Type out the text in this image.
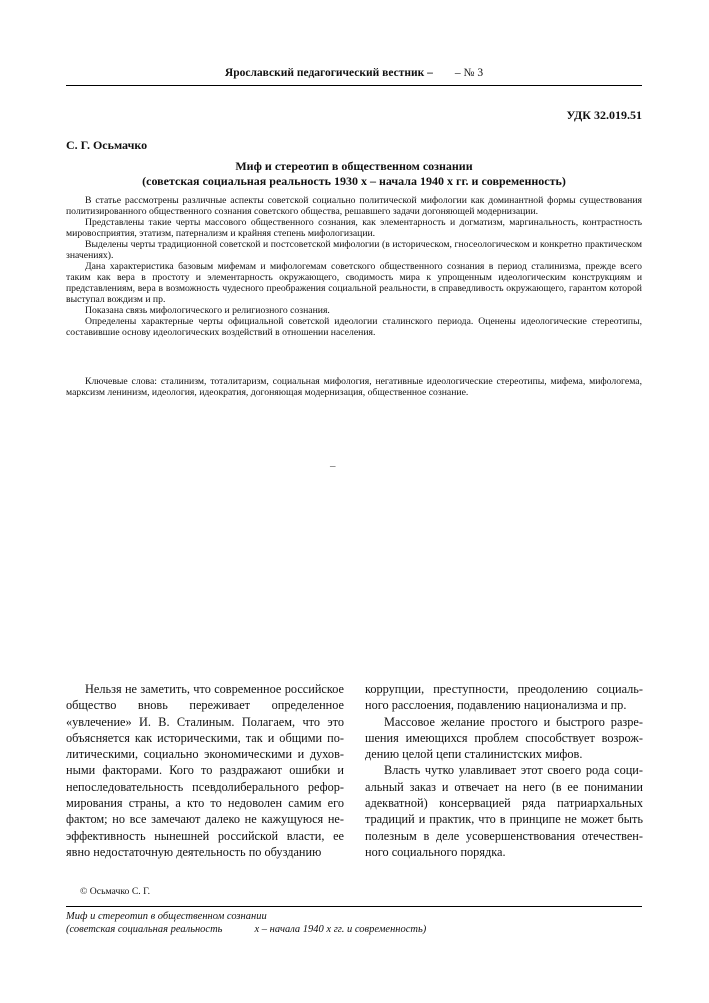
Ярославский педагогический вестник – – № 3
УДК 32.019.51
С. Г. Осьмачко
Миф и стереотип в общественном сознании
(советская социальная реальность 1930 х – начала 1940 х гг. и современность)

В статье рассмотрены различные аспекты советской социально политической мифологии как доминантной формы существования политизированного общественного сознания советского общества, решавшего задачи догоняющей модернизации.

Представлены такие черты массового общественного сознания, как элементарность и догматизм, маргинальность, контрастность мировосприятия, этатизм, патернализм и крайняя степень мифологизации.

Выделены черты традиционной советской и постсоветской мифологии (в историческом, гносеологическом и конкретно практическом значениях).

Дана характеристика базовым мифемам и мифологемам советского общественного сознания в период сталинизма, прежде всего таким как вера в простоту и элементарность окружающего, сводимость мира к упрощенным идеологическим конструкциям и представлениям, вера в возможность чудесного преображения социальной реальности, в справедливость окружающего, гарантом которой выступал вождизм и пр.

Показана связь мифологического и религиозного сознания.

Определены характерные черты официальной советской идеологии сталинского периода. Оценены идеологические стереотипы, составившие основу идеологических воздействий в отношении населения.

Ключевые слова: сталинизм, тоталитаризм, социальная мифология, негативные идеологические стереотипы, мифема, мифологема, марксизм ленинизм, идеология, идеократия, догоняющая модернизация, общественное сознание.

–

Нельзя не заметить, что современное российское общество вновь переживает определенное «увлечение» И. В. Сталиным. Полагаем, что это объясняется как историческими, так и общими политическими, социально экономическими и духовными факторами. Кого то раздражают ошибки и непоследовательность псевдолиберального реформирования страны, а кто то недоволен самим его фактом; но все замечают далеко не кажущуюся неэффективность нынешней российской власти, ее явно недостаточную деятельность по обузданию

коррупции, преступности, преодолению социального расслоения, подавлению национализма и пр.

Массовое желание простого и быстрого разрешения имеющихся проблем способствует возрождению целой цепи сталинистских мифов.

Власть чутко улавливает этот своего рода социальный заказ и отвечает на него (в ее понимании адекватной) консервацией ряда патриархальных традиций и практик, что в принципе не может быть полезным в деле усовершенствования отечественного социального порядка.

© Осьмачко С. Г.
Миф и стереотип в общественном сознании
(советская социальная реальность	х – начала 1940 х гг. и современность)
